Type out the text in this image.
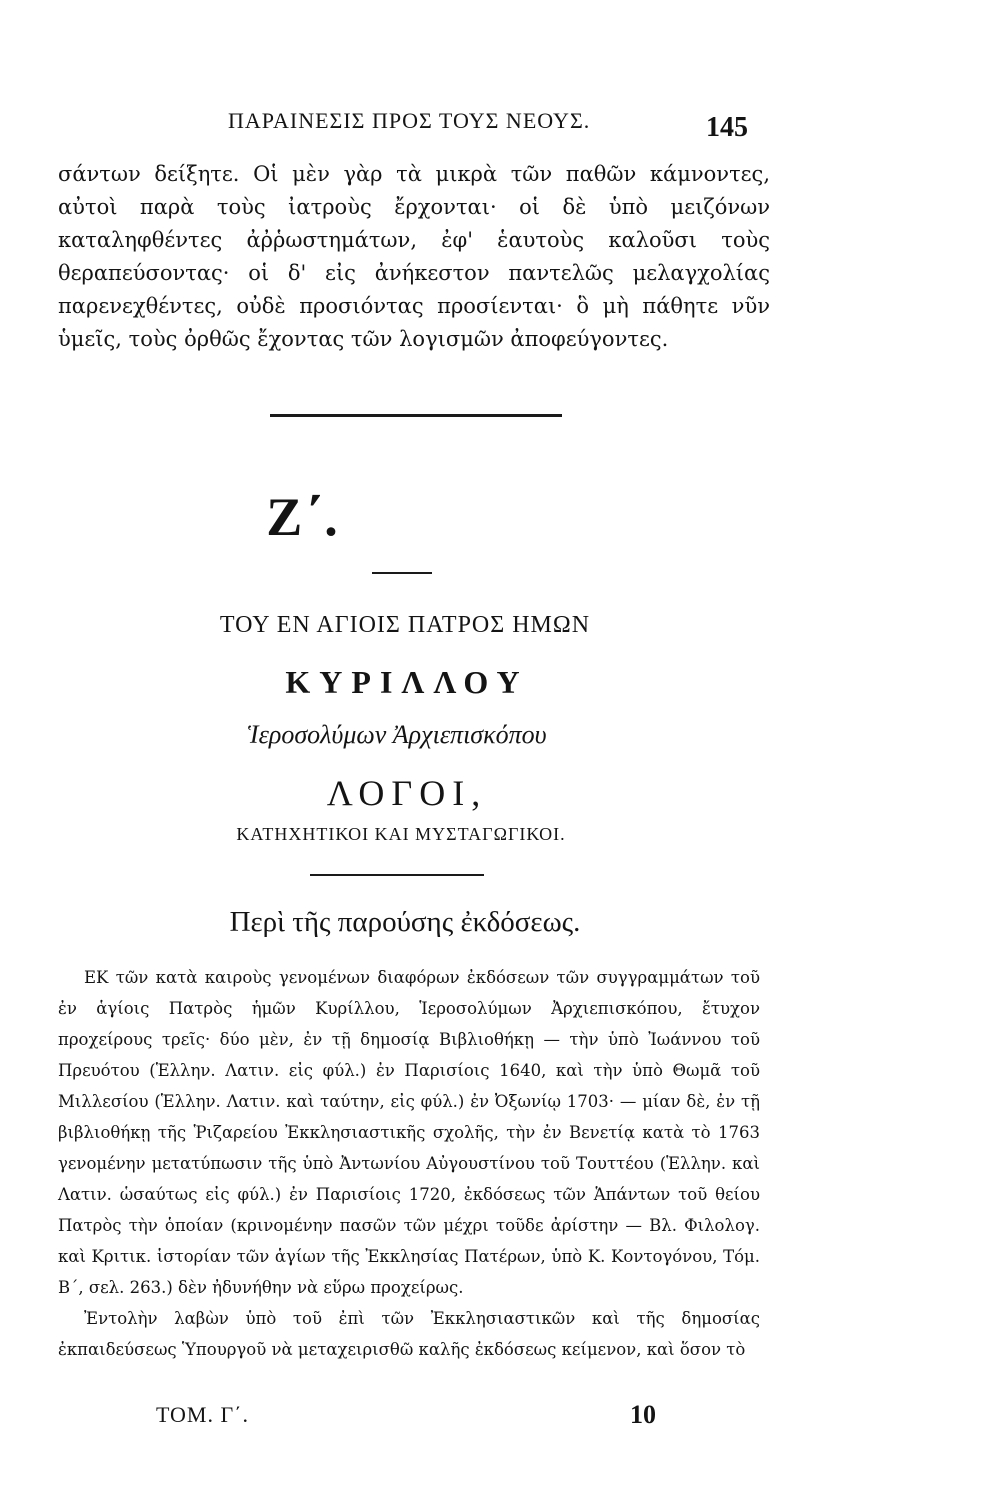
ΠΑΡΑΙΝΕΣΙΣ ΠΡΟΣ ΤΟΥΣ ΝΕΟΥΣ.	145

σάντων δείξητε. Οἱ μὲν γὰρ τὰ μικρὰ τῶν παθῶν κάμνοντες, αὐτοὶ παρὰ τοὺς ἰατροὺς ἔρχονται· οἱ δὲ ὑπὸ μειζόνων καταληφθέντες ἀῤῥωστημάτων, ἐφ' ἑαυτοὺς καλοῦσι τοὺς θεραπεύσοντας· οἱ δ' εἰς ἀνήκεστον παντελῶς μελαγχολίας παρενεχθέντες, οὐδὲ προσιόντας προσίενται· ὃ μὴ πάθητε νῦν ὑμεῖς, τοὺς ὀρθῶς ἔχοντας τῶν λογισμῶν ἀποφεύγοντες.

Ζ΄.
ΤΟΥ ΕΝ ΑΓΙΟΙΣ ΠΑΤΡΟΣ ΗΜΩΝ
ΚΥΡΙΛΛΟΥ
Ἱεροσολύμων Ἀρχιεπισκόπου
ΛΟΓΟΙ,
ΚΑΤΗΧΗΤΙΚΟΙ ΚΑΙ ΜΥΣΤΑΓΩΓΙΚΟΙ.
Περὶ τῆς παρούσης ἐκδόσεως.

ΕΚ τῶν κατὰ καιροὺς γενομένων διαφόρων ἐκδόσεων τῶν συγγραμμάτων τοῦ ἐν ἁγίοις Πατρὸς ἡμῶν Κυρίλλου, Ἱεροσολύμων Ἀρχιεπισκόπου, ἔτυχον προχείρους τρεῖς· δύο μὲν, ἐν τῇ δημοσίᾳ Βιβλιοθήκῃ — τὴν ὑπὸ Ἰωάννου τοῦ Πρευότου (Ἑλλην. Λατιν. εἰς φύλ.) ἐν Παρισίοις 1640, καὶ τὴν ὑπὸ Θωμᾶ τοῦ Μιλλεσίου (Ἑλλην. Λατιν. καὶ ταύτην, εἰς φύλ.) ἐν Ὀξωνίῳ 1703· — μίαν δὲ, ἐν τῇ βιβλιοθήκῃ τῆς Ῥιζαρείου Ἐκκλησιαστικῆς σχολῆς, τὴν ἐν Βενετίᾳ κατὰ τὸ 1763 γενομένην μετατύπωσιν τῆς ὑπὸ Ἀντωνίου Αὐγουστίνου τοῦ Τουττέου (Ἑλλην. καὶ Λατιν. ὡσαύτως εἰς φύλ.) ἐν Παρισίοις 1720, ἐκδόσεως τῶν Ἁπάντων τοῦ θείου Πατρὸς τὴν ὁποίαν (κρινομένην πασῶν τῶν μέχρι τοῦδε ἀρίστην — Βλ. Φιλολογ. καὶ Κριτικ. ἱστορίαν τῶν ἁγίων τῆς Ἐκκλησίας Πατέρων, ὑπὸ Κ. Κοντογόνου, Τόμ. Β΄, σελ. 263.) δὲν ἠδυνήθην νὰ εὕρω προχείρως.

Ἐντολὴν λαβὼν ὑπὸ τοῦ ἐπὶ τῶν Ἐκκλησιαστικῶν καὶ τῆς δημοσίας ἐκπαιδεύσεως Ὑπουργοῦ νὰ μεταχειρισθῶ καλῆς ἐκδόσεως κείμενον, καὶ ὅσον τὸ

ΤΟΜ. Γ΄.	10
